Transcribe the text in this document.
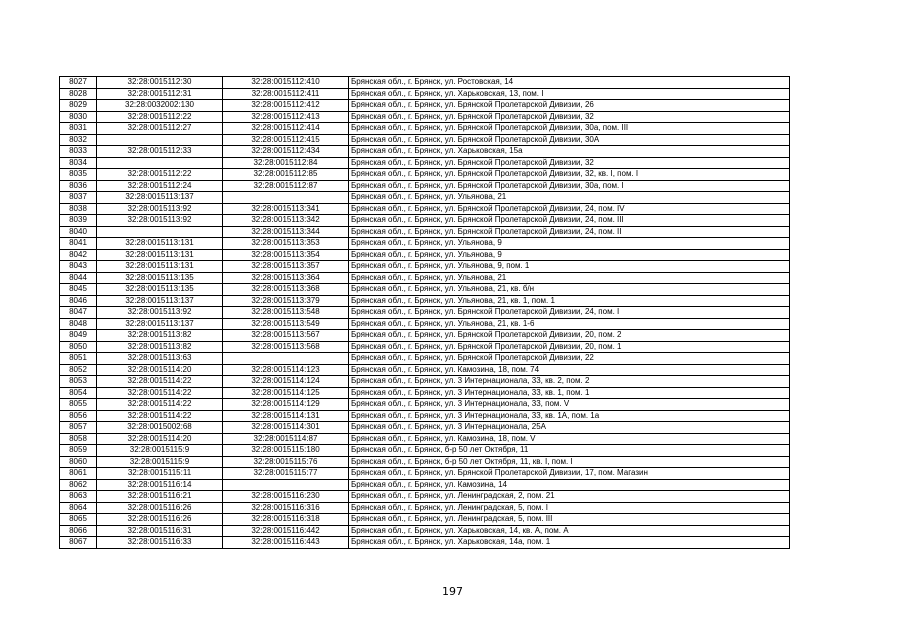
8027	32:28:0015112:30	32:28:0015112:410	Брянская обл., г. Брянск, ул. Ростовская, 14
8028	32:28:0015112:31	32:28:0015112:411	Брянская обл., г. Брянск, ул. Харьковская, 13, пом. I
8029	32:28:0032002:130	32:28:0015112:412	Брянская обл., г. Брянск, ул. Брянской Пролетарской Дивизии, 26
8030	32:28:0015112:22	32:28:0015112:413	Брянская обл., г. Брянск, ул. Брянской Пролетарской Дивизии, 32
8031	32:28:0015112:27	32:28:0015112:414	Брянская обл., г. Брянск, ул. Брянской Пролетарской Дивизии, 30а, пом. III
8032		32:28:0015112:415	Брянская обл., г. Брянск, ул. Брянской Пролетарской Дивизии, 30А
8033	32:28:0015112:33	32:28:0015112:434	Брянская обл., г. Брянск, ул. Харьковская, 15а
8034		32:28:0015112:84	Брянская обл., г. Брянск, ул. Брянской Пролетарской Дивизии, 32
8035	32:28:0015112:22	32:28:0015112:85	Брянская обл., г. Брянск, ул. Брянской Пролетарской Дивизии, 32, кв. I, пом. I
8036	32:28:0015112:24	32:28:0015112:87	Брянская обл., г. Брянск, ул. Брянской Пролетарской Дивизии, 30а, пом. I
8037	32:28:0015113:137		Брянская обл., г. Брянск, ул. Ульянова, 21
8038	32:28:0015113:92	32:28:0015113:341	Брянская обл., г. Брянск, ул. Брянской Пролетарской Дивизии, 24, пом. IV
8039	32:28:0015113:92	32:28:0015113:342	Брянская обл., г. Брянск, ул. Брянской Пролетарской Дивизии, 24, пом. III
8040		32:28:0015113:344	Брянская обл., г. Брянск, ул. Брянской Пролетарской Дивизии, 24, пом. II
8041	32:28:0015113:131	32:28:0015113:353	Брянская обл., г. Брянск, ул. Ульянова, 9
8042	32:28:0015113:131	32:28:0015113:354	Брянская обл., г. Брянск, ул. Ульянова, 9
8043	32:28:0015113:131	32:28:0015113:357	Брянская обл., г. Брянск, ул. Ульянова, 9, пом. 1
8044	32:28:0015113:135	32:28:0015113:364	Брянская обл., г. Брянск, ул. Ульянова, 21
8045	32:28:0015113:135	32:28:0015113:368	Брянская обл., г. Брянск, ул. Ульянова, 21, кв. б/н
8046	32:28:0015113:137	32:28:0015113:379	Брянская обл., г. Брянск, ул. Ульянова, 21, кв. 1, пом. 1
8047	32:28:0015113:92	32:28:0015113:548	Брянская обл., г. Брянск, ул. Брянской Пролетарской Дивизии, 24, пом. I
8048	32:28:0015113:137	32:28:0015113:549	Брянская обл., г. Брянск, ул. Ульянова, 21, кв. 1-6
8049	32:28:0015113:82	32:28:0015113:567	Брянская обл., г. Брянск, ул. Брянской Пролетарской Дивизии, 20, пом. 2
8050	32:28:0015113:82	32:28:0015113:568	Брянская обл., г. Брянск, ул. Брянской Пролетарской Дивизии, 20, пом. 1
8051	32:28:0015113:63		Брянская обл., г. Брянск, ул. Брянской Пролетарской Дивизии, 22
8052	32:28:0015114:20	32:28:0015114:123	Брянская обл., г. Брянск, ул. Камозина, 18, пом. 74
8053	32:28:0015114:22	32:28:0015114:124	Брянская обл., г. Брянск, ул. 3 Интернационала, 33, кв. 2, пом. 2
8054	32:28:0015114:22	32:28:0015114:125	Брянская обл., г. Брянск, ул. 3 Интернационала, 33, кв. 1, пом. 1
8055	32:28:0015114:22	32:28:0015114:129	Брянская обл., г. Брянск, ул. 3 Интернационала, 33, пом. V
8056	32:28:0015114:22	32:28:0015114:131	Брянская обл., г. Брянск, ул. 3 Интернационала, 33, кв. 1А, пом. 1а
8057	32:28:0015002:68	32:28:0015114:301	Брянская обл., г. Брянск, ул. 3 Интернационала, 25А
8058	32:28:0015114:20	32:28:0015114:87	Брянская обл., г. Брянск, ул. Камозина, 18, пом. V
8059	32:28:0015115:9	32:28:0015115:180	Брянская обл., г. Брянск, б-р 50 лет Октября, 11
8060	32:28:0015115:9	32:28:0015115:76	Брянская обл., г. Брянск, б-р 50 лет Октября, 11, кв. I, пом. I
8061	32:28:0015115:11	32:28:0015115:77	Брянская обл., г. Брянск, ул. Брянской Пролетарской Дивизии, 17, пом. Магазин
8062	32:28:0015116:14		Брянская обл., г. Брянск, ул. Камозина, 14
8063	32:28:0015116:21	32:28:0015116:230	Брянская обл., г. Брянск, ул. Ленинградская, 2, пом. 21
8064	32:28:0015116:26	32:28:0015116:316	Брянская обл., г. Брянск, ул. Ленинградская, 5, пом. I
8065	32:28:0015116:26	32:28:0015116:318	Брянская обл., г. Брянск, ул. Ленинградская, 5, пом. III
8066	32:28:0015116:31	32:28:0015116:442	Брянская обл., г. Брянск, ул. Харьковская, 14, кв. А, пом. А
8067	32:28:0015116:33	32:28:0015116:443	Брянская обл., г. Брянск, ул. Харьковская, 14а, пом. 1
197
